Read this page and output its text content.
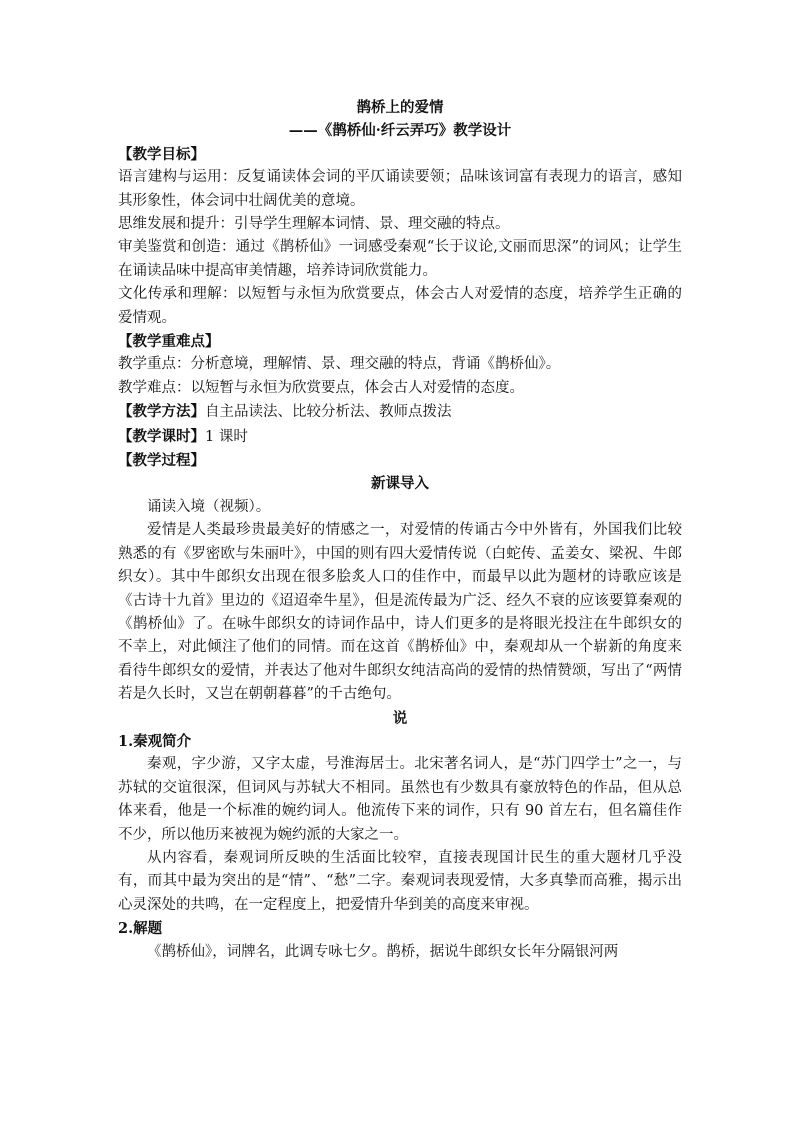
鹊桥上的爱情

——《鹊桥仙·纤云弄巧》教学设计

【教学目标】

语言建构与运用：反复诵读体会词的平仄诵读要领；品味该词富有表现力的语言，感知其形象性，体会词中壮阔优美的意境。

思维发展和提升：引导学生理解本词情、景、理交融的特点。

审美鉴赏和创造：通过《鹊桥仙》一词感受秦观“长于议论,文丽而思深”的词风；让学生在诵读品味中提高审美情趣，培养诗词欣赏能力。

文化传承和理解：以短暂与永恒为欣赏要点，体会古人对爱情的态度，培养学生正确的爱情观。

【教学重难点】

教学重点：分析意境，理解情、景、理交融的特点，背诵《鹊桥仙》。

教学难点：以短暂与永恒为欣赏要点，体会古人对爱情的态度。

【教学方法】自主品读法、比较分析法、教师点拨法

【教学课时】1 课时

【教学过程】

新课导入

诵读入境（视频）。

爱情是人类最珍贵最美好的情感之一，对爱情的传诵古今中外皆有，外国我们比较熟悉的有《罗密欧与朱丽叶》，中国的则有四大爱情传说（白蛇传、孟姜女、梁祝、牛郎织女）。其中牛郎织女出现在很多脍炙人口的佳作中，而最早以此为题材的诗歌应该是《古诗十九首》里边的《迢迢牵牛星》，但是流传最为广泛、经久不衰的应该要算秦观的《鹊桥仙》了。在咏牛郎织女的诗词作品中，诗人们更多的是将眼光投注在牛郎织女的不幸上，对此倾注了他们的同情。而在这首《鹊桥仙》中，秦观却从一个崭新的角度来看待牛郎织女的爱情，并表达了他对牛郎织女纯洁高尚的爱情的热情赞颂，写出了“两情若是久长时，又岂在朝朝暮暮”的千古绝句。

说

1.秦观简介

秦观，字少游，又字太虚，号淮海居士。北宋著名词人，是“苏门四学士”之一，与苏轼的交谊很深，但词风与苏轼大不相同。虽然也有少数具有豪放特色的作品，但从总体来看，他是一个标准的婉约词人。他流传下来的词作，只有 90 首左右，但名篇佳作不少，所以他历来被视为婉约派的大家之一。

从内容看，秦观词所反映的生活面比较窄，直接表现国计民生的重大题材几乎没有，而其中最为突出的是“情”、“愁”二字。秦观词表现爱情，大多真挚而高雅，揭示出心灵深处的共鸣，在一定程度上，把爱情升华到美的高度来审视。

2.解题

《鹊桥仙》，词牌名，此调专咏七夕。鹊桥，据说牛郎织女长年分隔银河两
